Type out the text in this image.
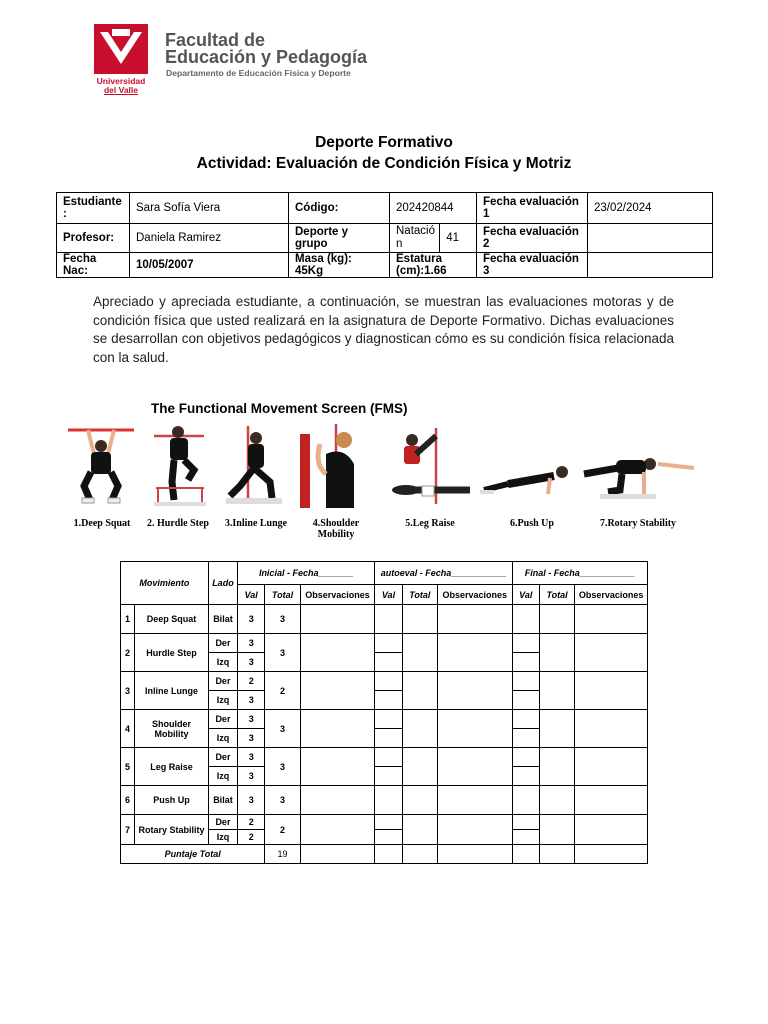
Universidad
del Valle
Facultad de
Educación y Pedagogía
Departamento de Educación Física y Deporte
Deporte Formativo
Actividad: Evaluación de Condición Física y Motriz
Estudiante :	Sara Sofía Viera	Código:	202420844		Fecha evaluación 1	23/02/2024
Profesor:	Daniela Ramirez	Deporte y grupo	Natación	41	Fecha evaluación 2	
Fecha Nac:	10/05/2007	Masa (kg): 45Kg	Estatura (cm):1.66		Fecha evaluación 3	
Apreciado y apreciada estudiante, a continuación, se muestran las evaluaciones motoras y de condición física que usted realizará en la asignatura de Deporte Formativo. Dichas evaluaciones se desarrollan con objetivos pedagógicos y diagnostican cómo es su condición física relacionada con la salud.
The Functional Movement Screen (FMS)
1.Deep Squat	2. Hurdle Step	3.Inline Lunge	4.Shoulder Mobility
5.Leg Raise	6.Push Up	7.Rotary Stability
Movimiento		Lado	Inicial - Fecha_______			autoeval - Fecha___________			Final - Fecha___________		
			Val	Total	Observaciones	Val	Total	Observaciones	Val	Total	Observaciones
1	Deep Squat	Bilat	3	3							
2	Hurdle Step	Der	3	3							
		Izq	3								
3	Inline Lunge	Der	2	2							
		Izq	3								
4	Shoulder Mobility	Der	3	3							
		Izq	3								
5	Leg Raise	Der	3	3							
		Izq	3								
6	Push Up	Bilat	3	3							
7	Rotary Stability	Der	2	2							
		Izq	2								
Puntaje Total				19							
